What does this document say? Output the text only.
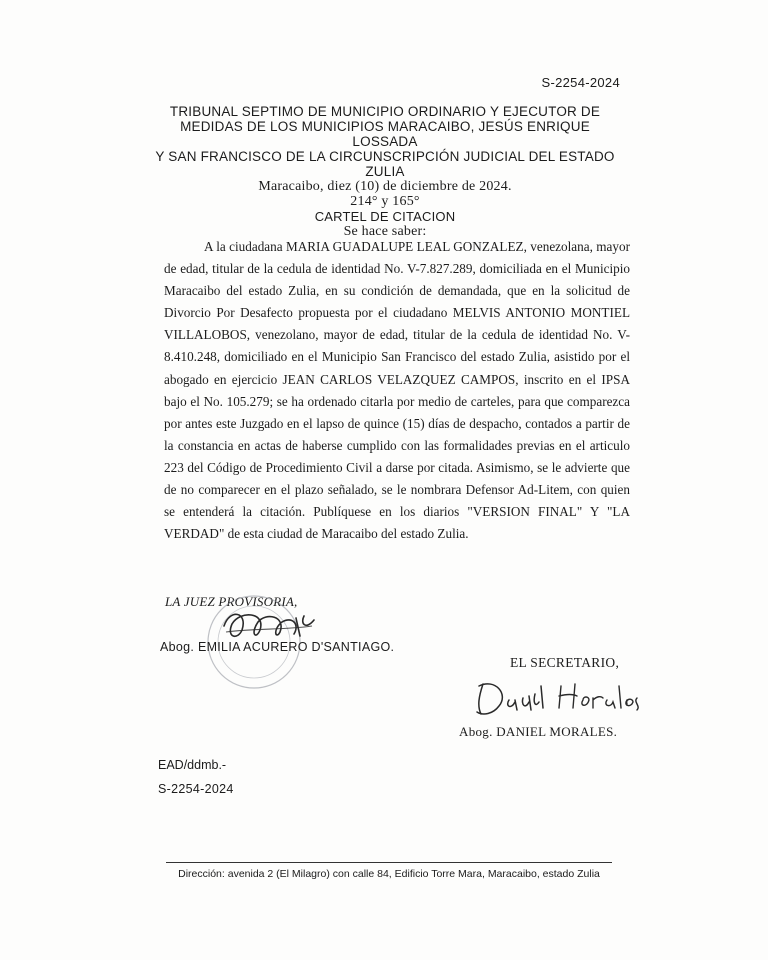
S-2254-2024
TRIBUNAL SEPTIMO DE MUNICIPIO ORDINARIO Y EJECUTOR DE
MEDIDAS DE LOS MUNICIPIOS MARACAIBO, JESÚS ENRIQUE LOSSADA
Y SAN FRANCISCO DE LA CIRCUNSCRIPCIÓN JUDICIAL DEL ESTADO
ZULIA
Maracaibo, diez (10) de diciembre de 2024.
214° y 165°
CARTEL DE CITACION
Se hace saber:

A la ciudadana MARIA GUADALUPE LEAL GONZALEZ, venezolana, mayor de edad, titular de la cedula de identidad No. V-7.827.289, domiciliada en el Municipio Maracaibo del estado Zulia, en su condición de demandada, que en la solicitud de Divorcio Por Desafecto propuesta por el ciudadano MELVIS ANTONIO MONTIEL VILLALOBOS, venezolano, mayor de edad, titular de la cedula de identidad No. V-8.410.248, domiciliado en el Municipio San Francisco del estado Zulia, asistido por el abogado en ejercicio JEAN CARLOS VELAZQUEZ CAMPOS, inscrito en el IPSA bajo el No. 105.279; se ha ordenado citarla por medio de carteles, para que comparezca por antes este Juzgado en el lapso de quince (15) días de despacho, contados a partir de la constancia en actas de haberse cumplido con las formalidades previas en el articulo 223 del Código de Procedimiento Civil a darse por citada. Asimismo, se le advierte que de no comparecer en el plazo señalado, se le nombrara Defensor Ad-Litem, con quien se entenderá la citación. Publíquese en los diarios "VERSION FINAL" Y "LA VERDAD" de esta ciudad de Maracaibo del estado Zulia.

LA JUEZ PROVISORIA,
Abog. EMILIA ACURERO D'SANTIAGO.
EL SECRETARIO,
Abog. DANIEL MORALES.
EAD/ddmb.-
S-2254-2024
Dirección: avenida 2 (El Milagro) con calle 84, Edificio Torre Mara, Maracaibo, estado Zulia
